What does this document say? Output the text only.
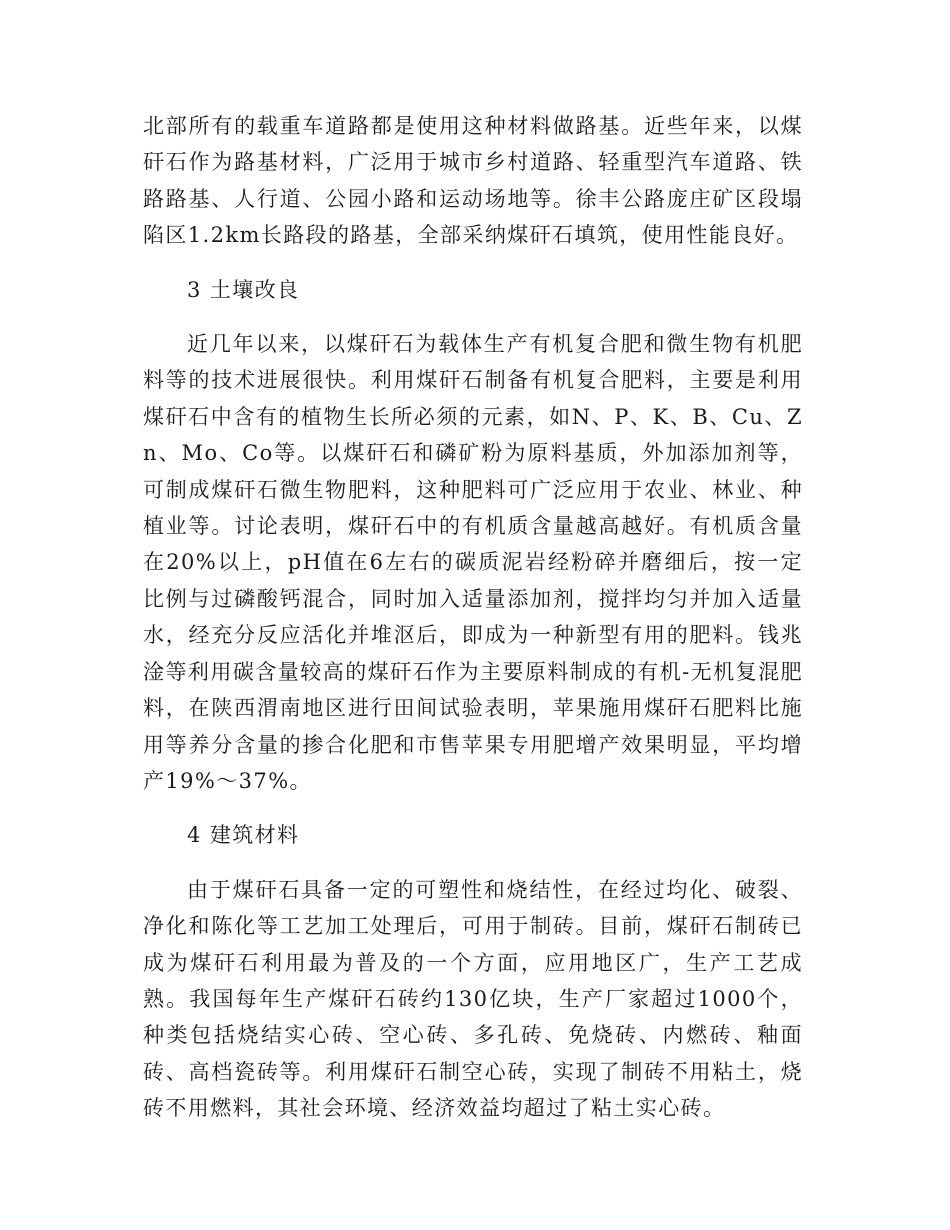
北部所有的载重车道路都是使用这种材料做路基。近些年来，以煤矸石作为路基材料，广泛用于城市乡村道路、轻重型汽车道路、铁路路基、人行道、公园小路和运动场地等。徐丰公路庞庄矿区段塌陷区1.2km长路段的路基，全部采纳煤矸石填筑，使用性能良好。

3 土壤改良

近几年以来，以煤矸石为载体生产有机复合肥和微生物有机肥料等的技术进展很快。利用煤矸石制备有机复合肥料，主要是利用煤矸石中含有的植物生长所必须的元素，如N、P、K、B、Cu、Zn、Mo、Co等。以煤矸石和磷矿粉为原料基质，外加添加剂等，可制成煤矸石微生物肥料，这种肥料可广泛应用于农业、林业、种植业等。讨论表明，煤矸石中的有机质含量越高越好。有机质含量在20%以上，pH值在6左右的碳质泥岩经粉碎并磨细后，按一定比例与过磷酸钙混合，同时加入适量添加剂，搅拌均匀并加入适量水，经充分反应活化并堆沤后，即成为一种新型有用的肥料。钱兆淦等利用碳含量较高的煤矸石作为主要原料制成的有机-无机复混肥料，在陕西渭南地区进行田间试验表明，苹果施用煤矸石肥料比施用等养分含量的掺合化肥和市售苹果专用肥增产效果明显，平均增产19%～37%。

4 建筑材料

由于煤矸石具备一定的可塑性和烧结性，在经过均化、破裂、净化和陈化等工艺加工处理后，可用于制砖。目前，煤矸石制砖已成为煤矸石利用最为普及的一个方面，应用地区广，生产工艺成熟。我国每年生产煤矸石砖约130亿块，生产厂家超过1000个，种类包括烧结实心砖、空心砖、多孔砖、免烧砖、内燃砖、釉面砖、高档瓷砖等。利用煤矸石制空心砖，实现了制砖不用粘土，烧砖不用燃料，其社会环境、经济效益均超过了粘土实心砖。
